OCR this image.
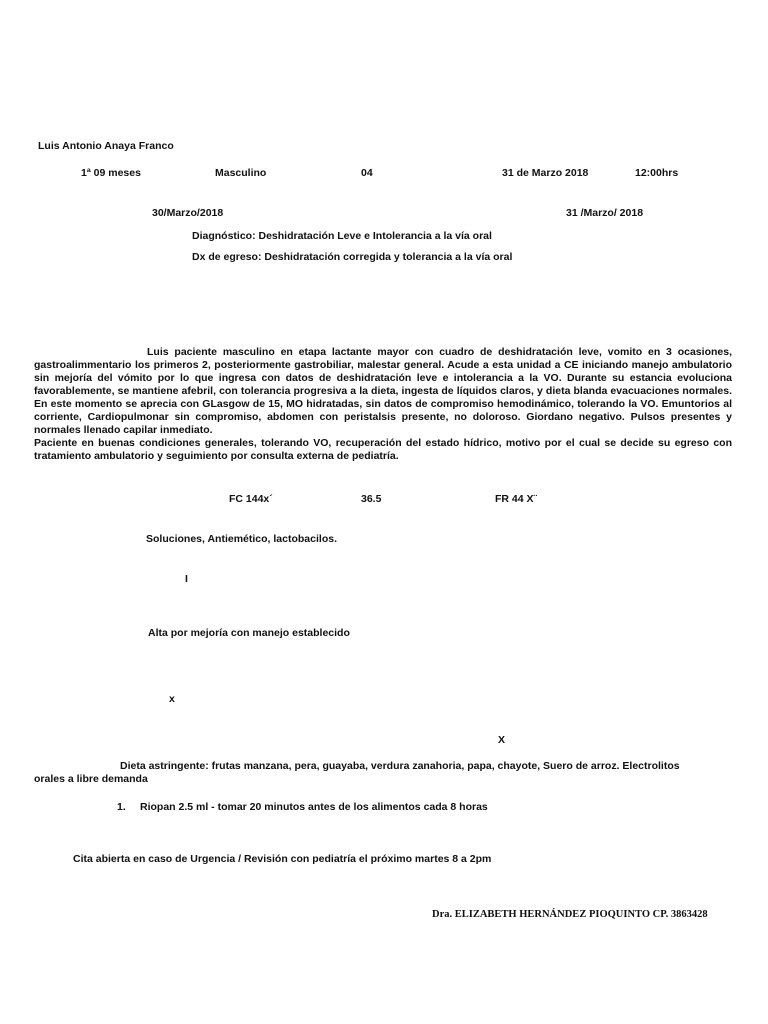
Luis Antonio Anaya Franco
1ª 09 meses	Masculino	04	31 de Marzo 2018	12:00hrs
30/Marzo/2018	31 /Marzo/ 2018
Diagnóstico: Deshidratación Leve e Intolerancia a la vía oral
Dx de egreso: Deshidratación corregida y tolerancia a la vía oral
Luis paciente masculino en etapa lactante mayor con cuadro de deshidratación leve, vomito en 3 ocasiones, gastroalimmentario los primeros 2, posteriormente gastrobiliar, malestar general. Acude a esta unidad a CE iniciando manejo ambulatorio sin mejoría del vómito por lo que ingresa con datos de deshidratación leve e intolerancia a la VO. Durante su estancia evoluciona favorablemente, se mantiene afebril, con tolerancia progresiva a la dieta, ingesta de líquidos claros, y dieta blanda evacuaciones normales. En este momento se aprecia con GLasgow de 15, MO hidratadas, sin datos de compromiso hemodinámico, tolerando la VO. Emuntorios al corriente, Cardiopulmonar sin compromiso, abdomen con peristalsis presente, no doloroso. Giordano negativo. Pulsos presentes y normales llenado capilar inmediato.
Paciente en buenas condiciones generales, tolerando VO, recuperación del estado hídrico, motivo por el cual se decide su egreso con tratamiento ambulatorio y seguimiento por consulta externa de pediatría.
FC 144x´	36.5	FR 44 X¨
Soluciones, Antiemético, lactobacilos.
I
Alta por mejoría con manejo establecido
x
X
Dieta astringente: frutas manzana, pera, guayaba, verdura zanahoria, papa, chayote, Suero de arroz. Electrolitos
orales a libre demanda
1. Riopan 2.5 ml - tomar 20 minutos antes de los alimentos cada 8 horas
Cita abierta en caso de Urgencia / Revisión con pediatría el próximo martes 8 a 2pm
Dra. ELIZABETH HERNÁNDEZ PIOQUINTO CP. 3863428
